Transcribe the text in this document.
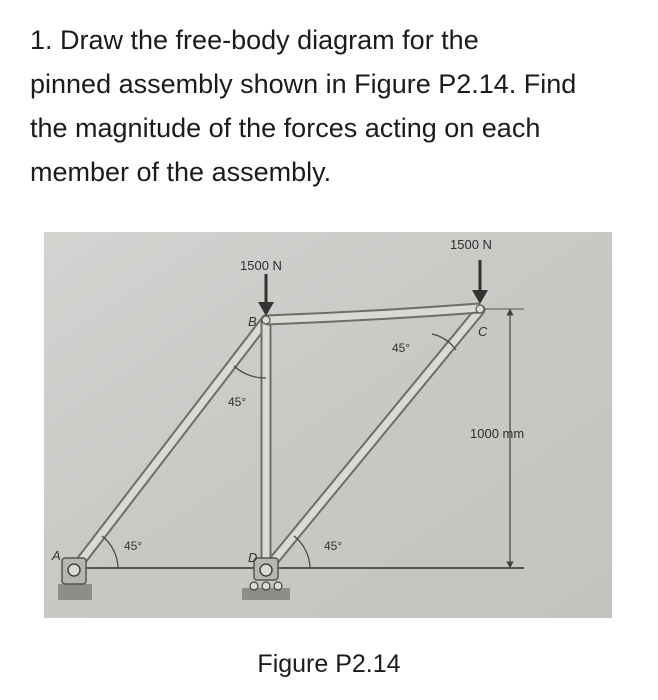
1. Draw the free-body diagram for the
pinned assembly shown in Figure P2.14. Find
the magnitude of the forces acting on each
member of the assembly.
1500 N
1500 N
A
B
C
D
45°	45°
45°
45°
1000 mm
Figure P2.14
